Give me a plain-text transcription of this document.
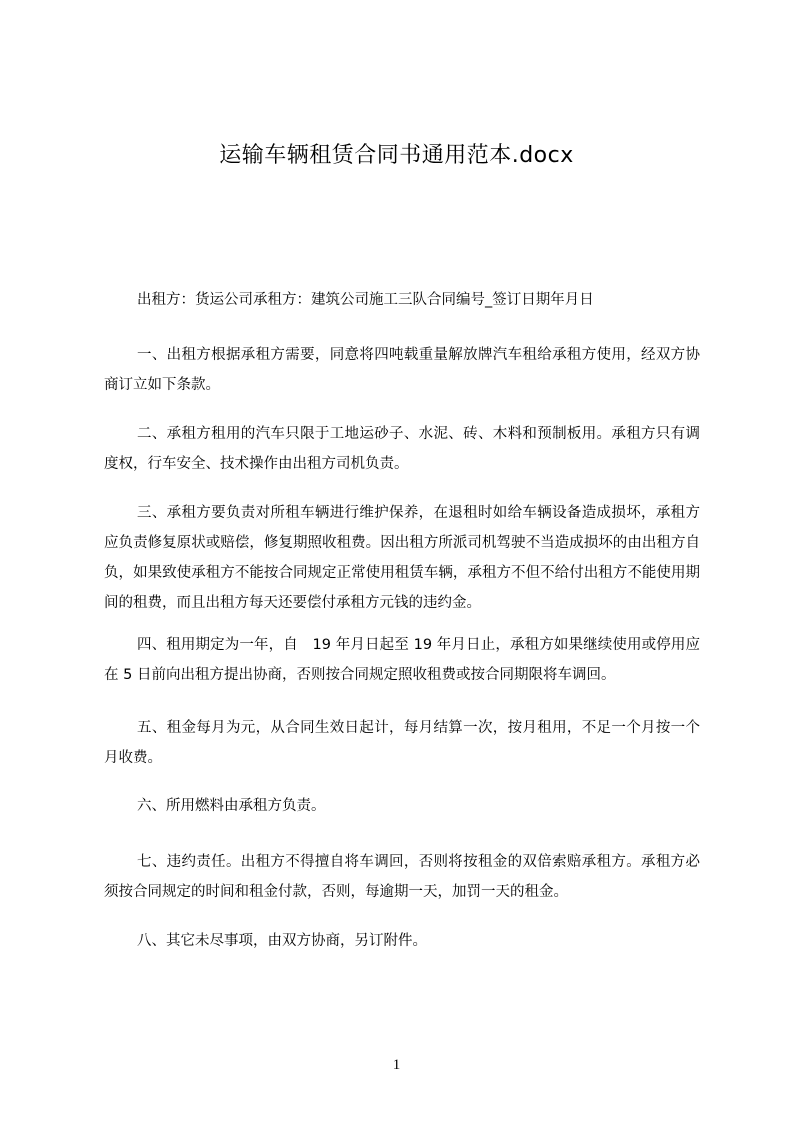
运输车辆租赁合同书通用范本.docx

出租方：货运公司承租方：建筑公司施工三队合同编号_签订日期年月日

一、出租方根据承租方需要，同意将四吨载重量解放牌汽车租给承租方使用，经双方协商订立如下条款。

二、承租方租用的汽车只限于工地运砂子、水泥、砖、木料和预制板用。承租方只有调度权，行车安全、技术操作由出租方司机负责。

三、承租方要负责对所租车辆进行维护保养，在退租时如给车辆设备造成损坏，承租方应负责修复原状或赔偿，修复期照收租费。因出租方所派司机驾驶不当造成损坏的由出租方自负，如果致使承租方不能按合同规定正常使用租赁车辆，承租方不但不给付出租方不能使用期间的租费，而且出租方每天还要偿付承租方元钱的违约金。

四、租用期定为一年，自　19 年月日起至 19 年月日止，承租方如果继续使用或停用应在 5 日前向出租方提出协商，否则按合同规定照收租费或按合同期限将车调回。

五、租金每月为元，从合同生效日起计，每月结算一次，按月租用，不足一个月按一个月收费。

六、所用燃料由承租方负责。

七、违约责任。出租方不得擅自将车调回，否则将按租金的双倍索赔承租方。承租方必须按合同规定的时间和租金付款，否则，每逾期一天，加罚一天的租金。

八、其它未尽事项，由双方协商，另订附件。

1
